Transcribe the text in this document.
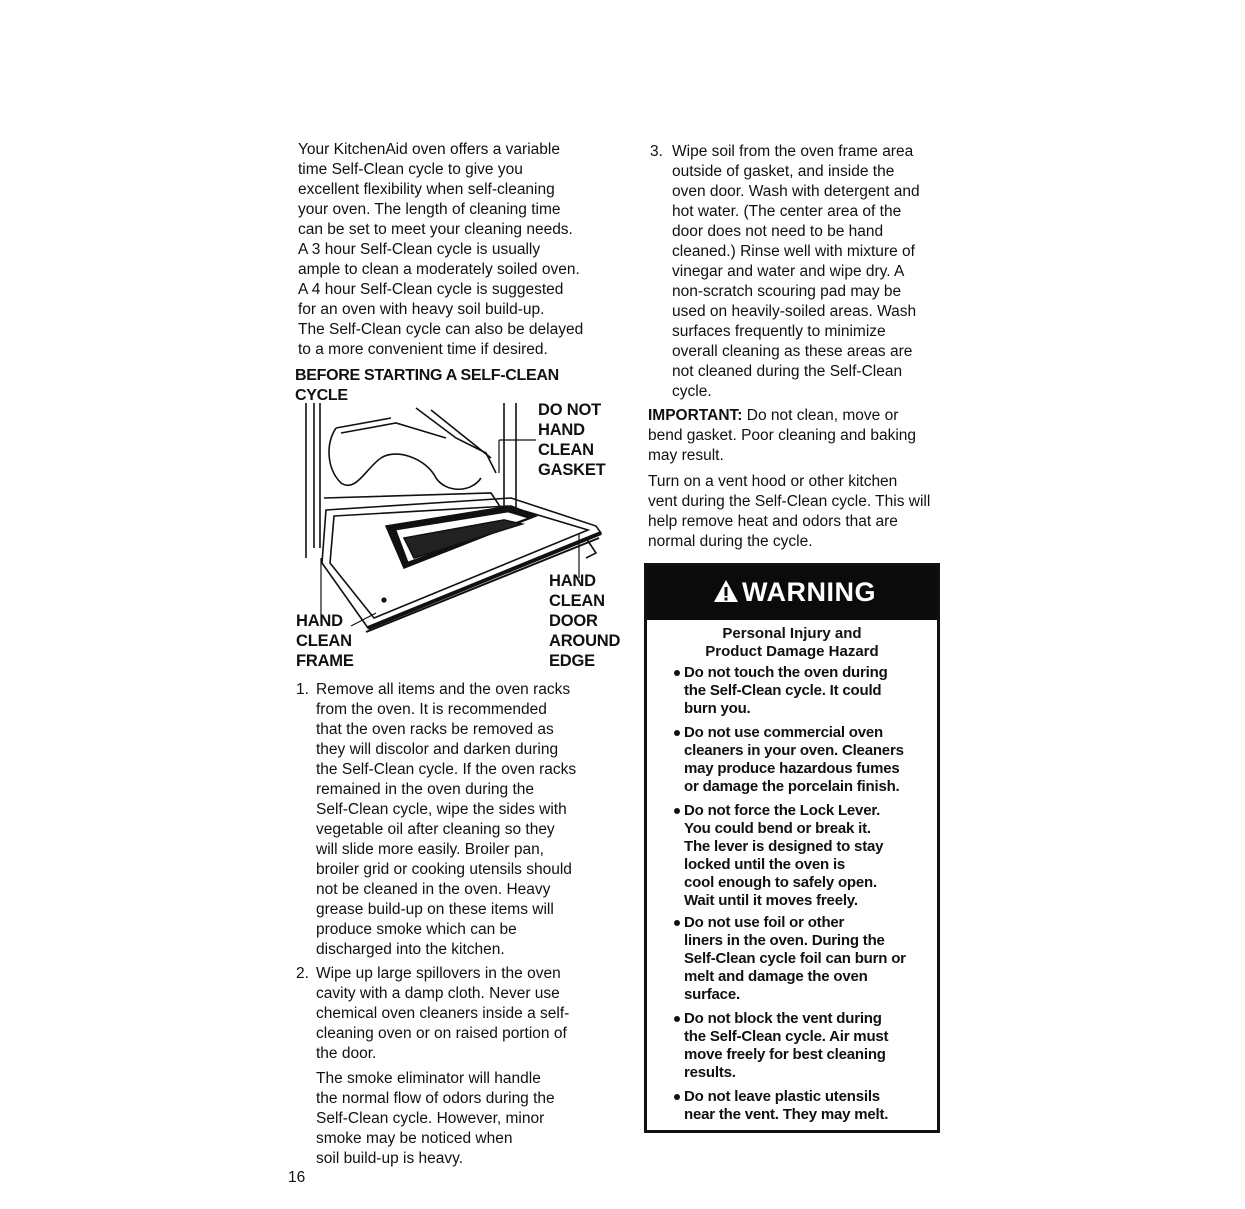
Your KitchenAid oven offers a variable
time Self-Clean cycle to give you
excellent flexibility when self-cleaning
your oven. The length of cleaning time
can be set to meet your cleaning needs.
A 3 hour Self-Clean cycle is usually
ample to clean a moderately soiled oven.
A 4 hour Self-Clean cycle is suggested
for an oven with heavy soil build-up.
The Self-Clean cycle can also be delayed
to a more convenient time if desired.
BEFORE STARTING A SELF-CLEAN
CYCLE
DO NOT
HAND
CLEAN
GASKET
HAND
CLEAN
DOOR
AROUND
EDGE
HAND
CLEAN
FRAME
1. Remove all items and the oven racks
from the oven. It is recommended
that the oven racks be removed as
they will discolor and darken during
the Self-Clean cycle. If the oven racks
remained in the oven during the
Self-Clean cycle, wipe the sides with
vegetable oil after cleaning so they
will slide more easily. Broiler pan,
broiler grid or cooking utensils should
not be cleaned in the oven. Heavy
grease build-up on these items will
produce smoke which can be
discharged into the kitchen.
2. Wipe up large spillovers in the oven
cavity with a damp cloth. Never use
chemical oven cleaners inside a self-
cleaning oven or on raised portion of
the door.
The smoke eliminator will handle
the normal flow of odors during the
Self-Clean cycle. However, minor
smoke may be noticed when
soil build-up is heavy.
16
3. Wipe soil from the oven frame area
outside of gasket, and inside the
oven door. Wash with detergent and
hot water. (The center area of the
door does not need to be hand
cleaned.) Rinse well with mixture of
vinegar and water and wipe dry. A
non-scratch scouring pad may be
used on heavily-soiled areas. Wash
surfaces frequently to minimize
overall cleaning as these areas are
not cleaned during the Self-Clean
cycle.
IMPORTANT: Do not clean, move or
bend gasket. Poor cleaning and baking
may result.
Turn on a vent hood or other kitchen
vent during the Self-Clean cycle. This will
help remove heat and odors that are
normal during the cycle.
WARNING
Personal Injury and
Product Damage Hazard
Do not touch the oven during
the Self-Clean cycle. It could
burn you.
Do not use commercial oven
cleaners in your oven. Cleaners
may produce hazardous fumes
or damage the porcelain finish.
Do not force the Lock Lever.
You could bend or break it.
The lever is designed to stay
locked until the oven is
cool enough to safely open.
Wait until it moves freely.
Do not use foil or other
liners in the oven. During the
Self-Clean cycle foil can burn or
melt and damage the oven
surface.
Do not block the vent during
the Self-Clean cycle. Air must
move freely for best cleaning
results.
Do not leave plastic utensils
near the vent. They may melt.
